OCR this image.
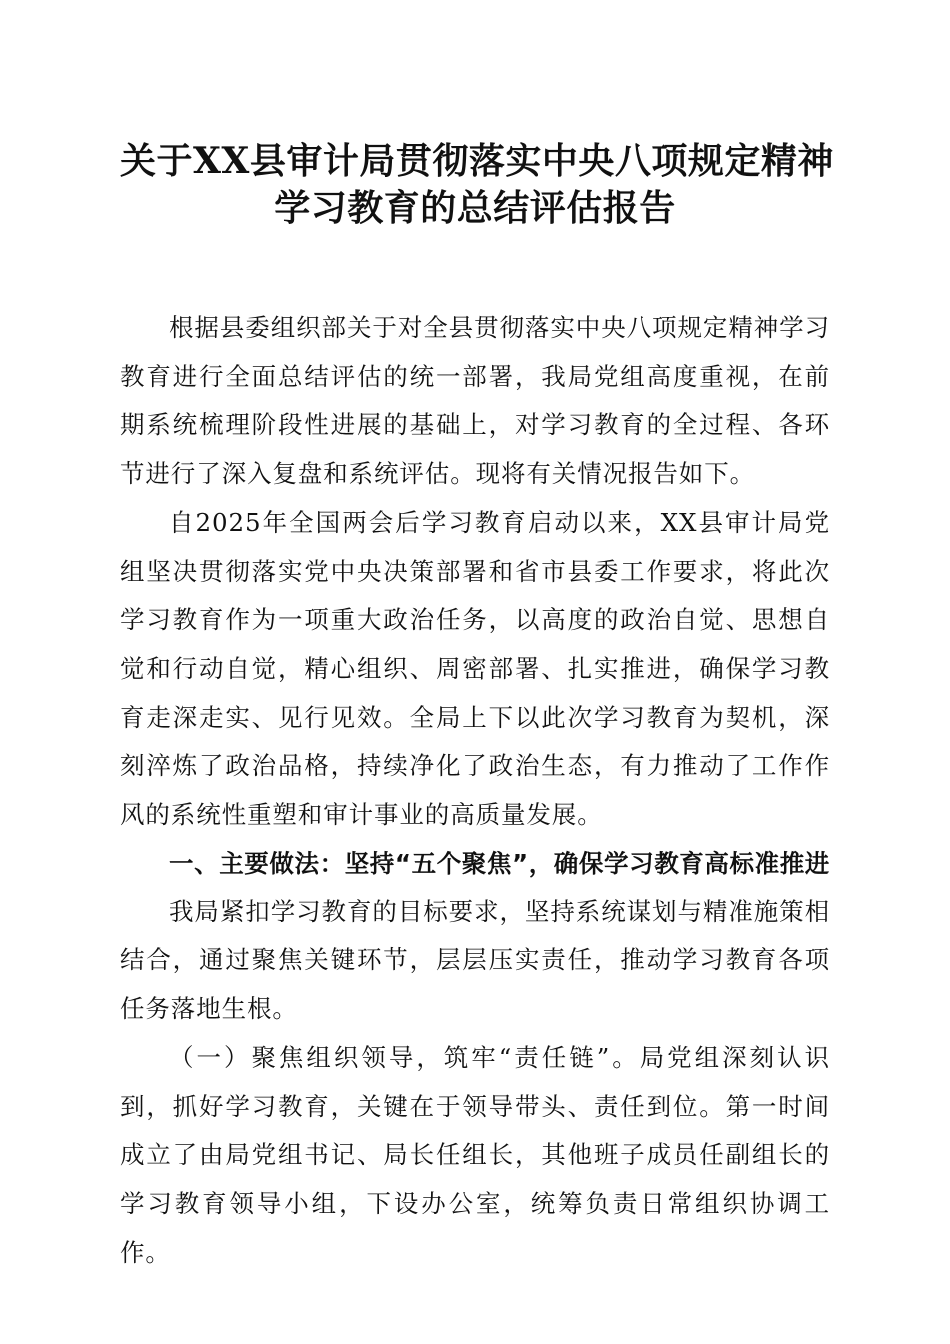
关于XX县审计局贯彻落实中央八项规定精神
学习教育的总结评估报告

根据县委组织部关于对全县贯彻落实中央八项规定精神学习教育进行全面总结评估的统一部署，我局党组高度重视，在前期系统梳理阶段性进展的基础上，对学习教育的全过程、各环节进行了深入复盘和系统评估。现将有关情况报告如下。

自2025年全国两会后学习教育启动以来，XX县审计局党组坚决贯彻落实党中央决策部署和省市县委工作要求，将此次学习教育作为一项重大政治任务，以高度的政治自觉、思想自觉和行动自觉，精心组织、周密部署、扎实推进，确保学习教育走深走实、见行见效。全局上下以此次学习教育为契机，深刻淬炼了政治品格，持续净化了政治生态，有力推动了工作作风的系统性重塑和审计事业的高质量发展。

一、主要做法：坚持“五个聚焦”，确保学习教育高标准推进

我局紧扣学习教育的目标要求，坚持系统谋划与精准施策相结合，通过聚焦关键环节，层层压实责任，推动学习教育各项任务落地生根。

（一）聚焦组织领导，筑牢“责任链”。局党组深刻认识到，抓好学习教育，关键在于领导带头、责任到位。第一时间成立了由局党组书记、局长任组长，其他班子成员任副组长的学习教育领导小组，下设办公室，统筹负责日常组织协调工作。
